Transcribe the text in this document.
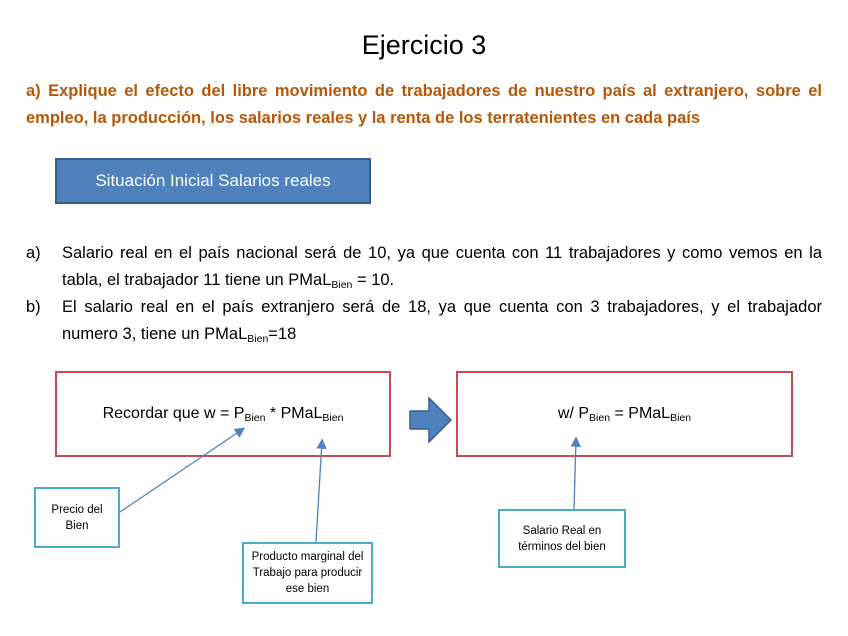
Ejercicio 3
a) Explique el efecto del libre movimiento de trabajadores de nuestro país al extranjero, sobre el empleo, la producción, los salarios reales y la renta de los terratenientes en cada país
Situación Inicial Salarios reales
a) Salario real en el país nacional será de 10, ya que cuenta con 11 trabajadores y como vemos en la tabla, el trabajador 11 tiene un PMaL$_{Bien}$ = 10.
b) El salario real en el país extranjero será de 18, ya que cuenta con 3 trabajadores, y el trabajador numero 3, tiene un PMaL$_{Bien}$=18
Recordar que $w = P_{Bien}$ * PMaL$_{Bien}$	w/ $P_{Bien}$ = PMaL$_{Bien}$
Precio del Bien
Producto marginal del Trabajo para producir ese bien
Salario Real en términos del bien
